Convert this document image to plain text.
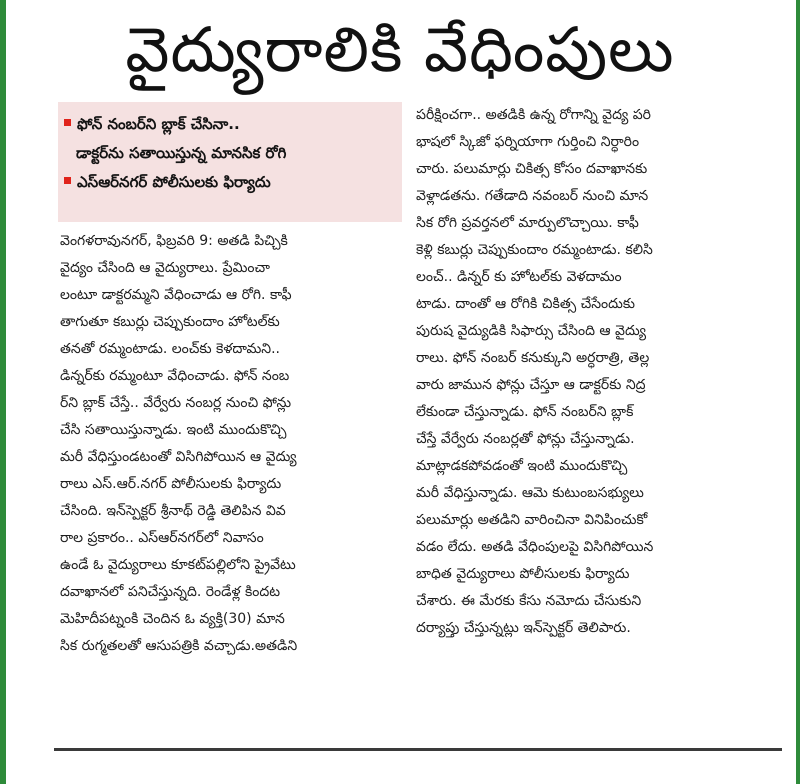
వైద్యురాలికి వేధింపులు
ఫోన్ నంబర్‌ని బ్లాక్ చేసినా..
డాక్టర్‌ను సతాయిస్తున్న మానసిక రోగి
ఎస్ఆర్‌నగర్ పోలీసులకు ఫిర్యాదు
వెంగళరావునగర్, ఫిబ్రవరి 9: అతడి పిచ్చికి
వైద్యం చేసింది ఆ వైద్యురాలు. ప్రేమించా
లంటూ డాక్టరమ్మని వేధించాడు ఆ రోగి. కాఫీ
తాగుతూ కబుర్లు చెప్పుకుందాం హోటల్‌కు
తనతో రమ్మంటాడు. లంచ్‌కు కెళదామని..
డిన్నర్‌కు రమ్మంటూ వేధించాడు. ఫోన్ నంబ
ర్‌ని బ్లాక్ చేస్తే.. వేర్వేరు నంబర్ల నుంచి ఫోన్లు
చేసి సతాయిస్తున్నాడు. ఇంటి ముందుకొచ్చి
మరీ వేధిస్తుండటంతో విసిగిపోయిన ఆ వైద్యు
రాలు ఎస్.ఆర్.నగర్ పోలీసులకు ఫిర్యాదు
చేసింది. ఇన్‌స్పెక్టర్ శ్రీనాథ్ రెడ్డి తెలిపిన వివ
రాల ప్రకారం.. ఎస్ఆర్‌నగర్‌లో నివాసం
ఉండే ఓ వైద్యురాలు కూకట్‌పల్లిలోని ప్రైవేటు
దవాఖానలో పనిచేస్తున్నది. రెండేళ్ల కిందట
మెహిదీపట్నంకి చెందిన ఓ వ్యక్తి(30) మాన
సిక రుగ్మతలతో ఆసుపత్రికి వచ్చాడు.అతడిని
పరీక్షించగా.. అతడికి ఉన్న రోగాన్ని వైద్య పరి
భాషలో స్కిజో ఫర్నియాగా గుర్తించి నిర్ధారిం
చారు. పలుమార్లు చికిత్స కోసం దవాఖానకు
వెళ్లాడతను. గతేడాది నవంబర్ నుంచి మాన
సిక రోగి ప్రవర్తనలో మార్పులొచ్చాయి. కాఫీ
కెళ్లి కబుర్లు చెప్పుకుందాం రమ్మంటాడు. కలిసి
లంచ్.. డిన్నర్ కు హోటల్‌కు వెళదామం
టాడు. దాంతో ఆ రోగికి చికిత్స చేసేందుకు
పురుష వైద్యుడికి సిఫార్సు చేసింది ఆ వైద్యు
రాలు. ఫోన్ నంబర్ కనుక్కుని అర్ధరాత్రి, తెల్ల
వారు జామున ఫోన్లు చేస్తూ ఆ డాక్టర్‌కు నిద్ర
లేకుండా చేస్తున్నాడు. ఫోన్ నంబర్‌ని బ్లాక్
చేస్తే వేర్వేరు నంబర్లతో ఫోన్లు చేస్తున్నాడు.
మాట్లాడకపోవడంతో ఇంటి ముందుకొచ్చి
మరీ వేధిస్తున్నాడు. ఆమె కుటుంబసభ్యులు
పలుమార్లు అతడిని వారించినా వినిపించుకో
వడం లేదు. అతడి వేధింపులపై విసిగిపోయిన
బాధిత వైద్యురాలు పోలీసులకు ఫిర్యాదు
చేశారు. ఈ మేరకు కేసు నమోదు చేసుకుని
దర్యాప్తు చేస్తున్నట్లు ఇన్‌స్పెక్టర్ తెలిపారు.
